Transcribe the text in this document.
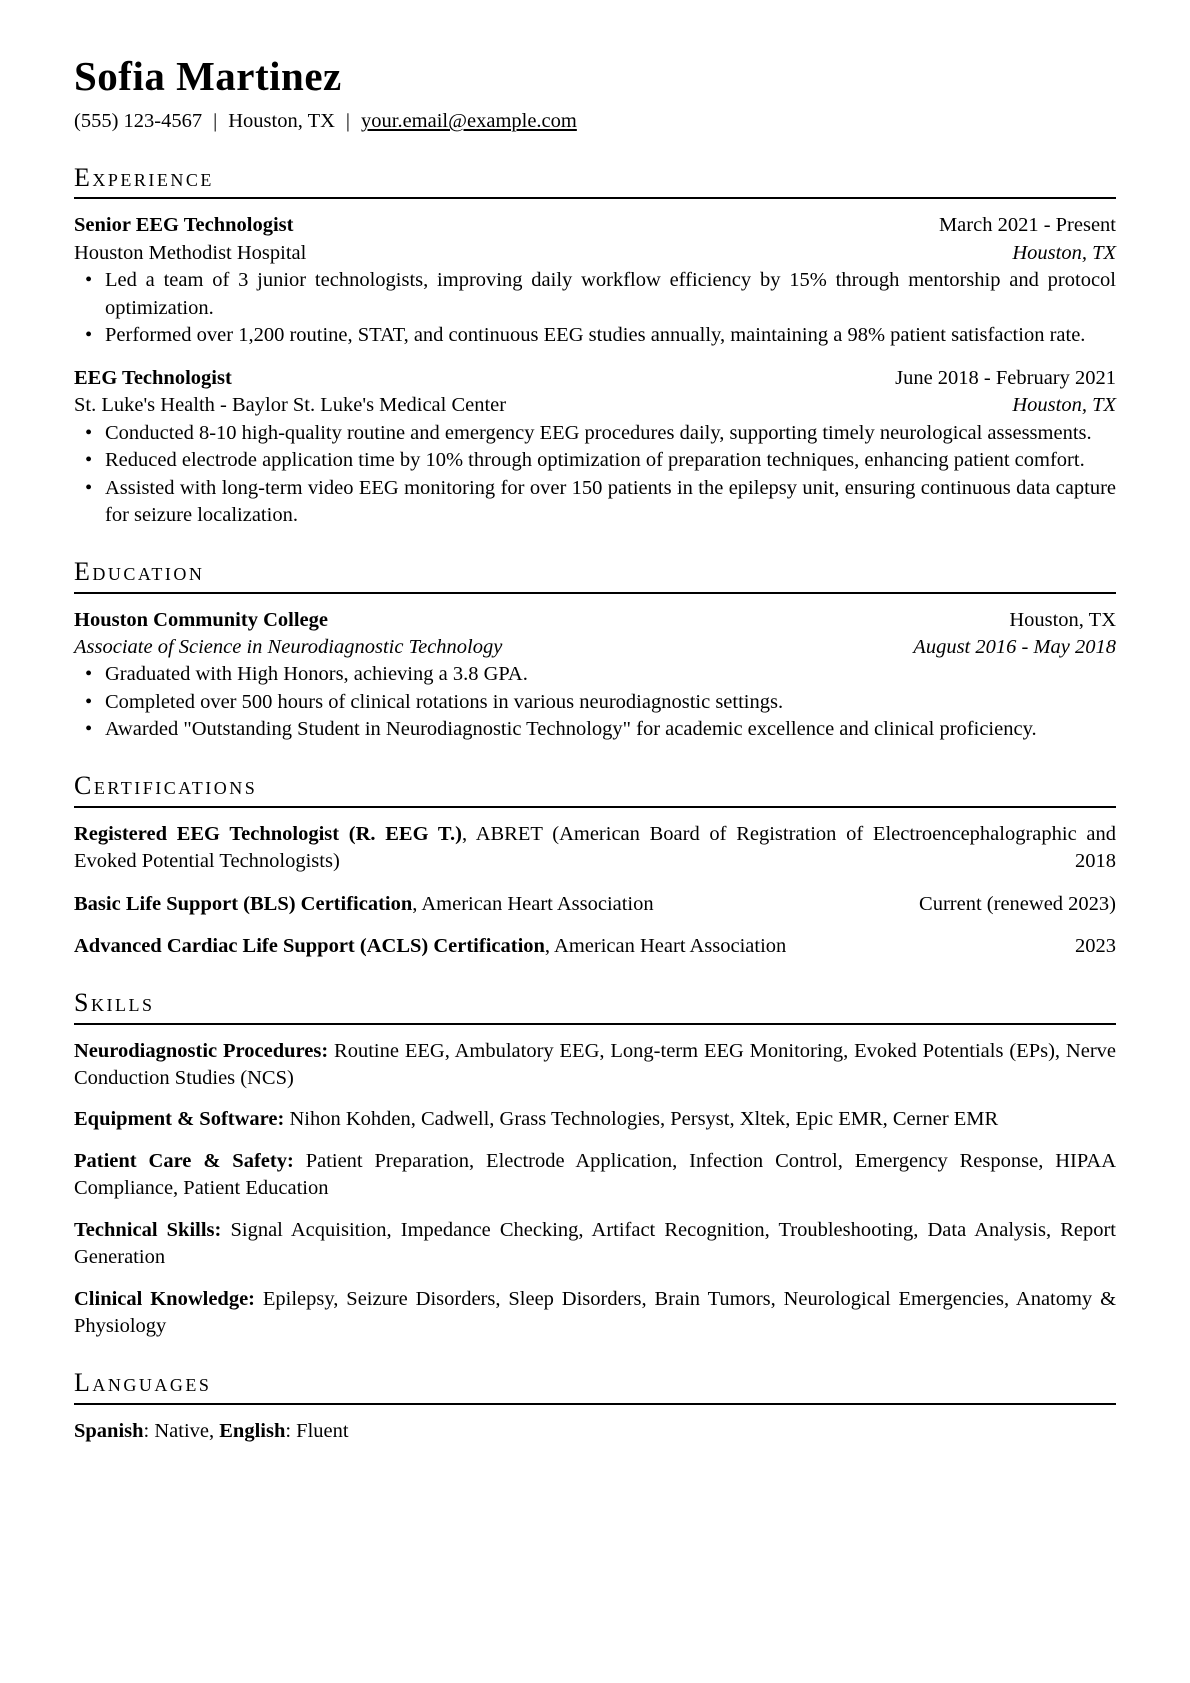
Sofia Martinez
(555) 123-4567 | Houston, TX | your.email@example.com
Experience
Senior EEG Technologist	March 2021 - Present
Houston Methodist Hospital	Houston, TX
• Led a team of 3 junior technologists, improving daily workflow efficiency by 15% through mentorship and protocol optimization.
• Performed over 1,200 routine, STAT, and continuous EEG studies annually, maintaining a 98% patient satisfaction rate.
EEG Technologist	June 2018 - February 2021
St. Luke's Health - Baylor St. Luke's Medical Center	Houston, TX
• Conducted 8-10 high-quality routine and emergency EEG procedures daily, supporting timely neurological assessments.
• Reduced electrode application time by 10% through optimization of preparation techniques, enhancing patient comfort.
• Assisted with long-term video EEG monitoring for over 150 patients in the epilepsy unit, ensuring continuous data capture for seizure localization.
Education
Houston Community College	Houston, TX
Associate of Science in Neurodiagnostic Technology	August 2016 - May 2018
• Graduated with High Honors, achieving a 3.8 GPA.
• Completed over 500 hours of clinical rotations in various neurodiagnostic settings.
• Awarded "Outstanding Student in Neurodiagnostic Technology" for academic excellence and clinical proficiency.
Certifications

Registered EEG Technologist (R. EEG T.), ABRET (American Board of Registration of Electroencephalographic and Evoked Potential Technologists)	2018

Basic Life Support (BLS) Certification, American Heart Association	Current (renewed 2023)

Advanced Cardiac Life Support (ACLS) Certification, American Heart Association	2023

Skills

Neurodiagnostic Procedures: Routine EEG, Ambulatory EEG, Long-term EEG Monitoring, Evoked Potentials (EPs), Nerve Conduction Studies (NCS)

Equipment & Software: Nihon Kohden, Cadwell, Grass Technologies, Persyst, Xltek, Epic EMR, Cerner EMR

Patient Care & Safety: Patient Preparation, Electrode Application, Infection Control, Emergency Response, HIPAA Compliance, Patient Education

Technical Skills: Signal Acquisition, Impedance Checking, Artifact Recognition, Troubleshooting, Data Analysis, Report Generation

Clinical Knowledge: Epilepsy, Seizure Disorders, Sleep Disorders, Brain Tumors, Neurological Emergencies, Anatomy & Physiology

Languages

Spanish: Native, English: Fluent
